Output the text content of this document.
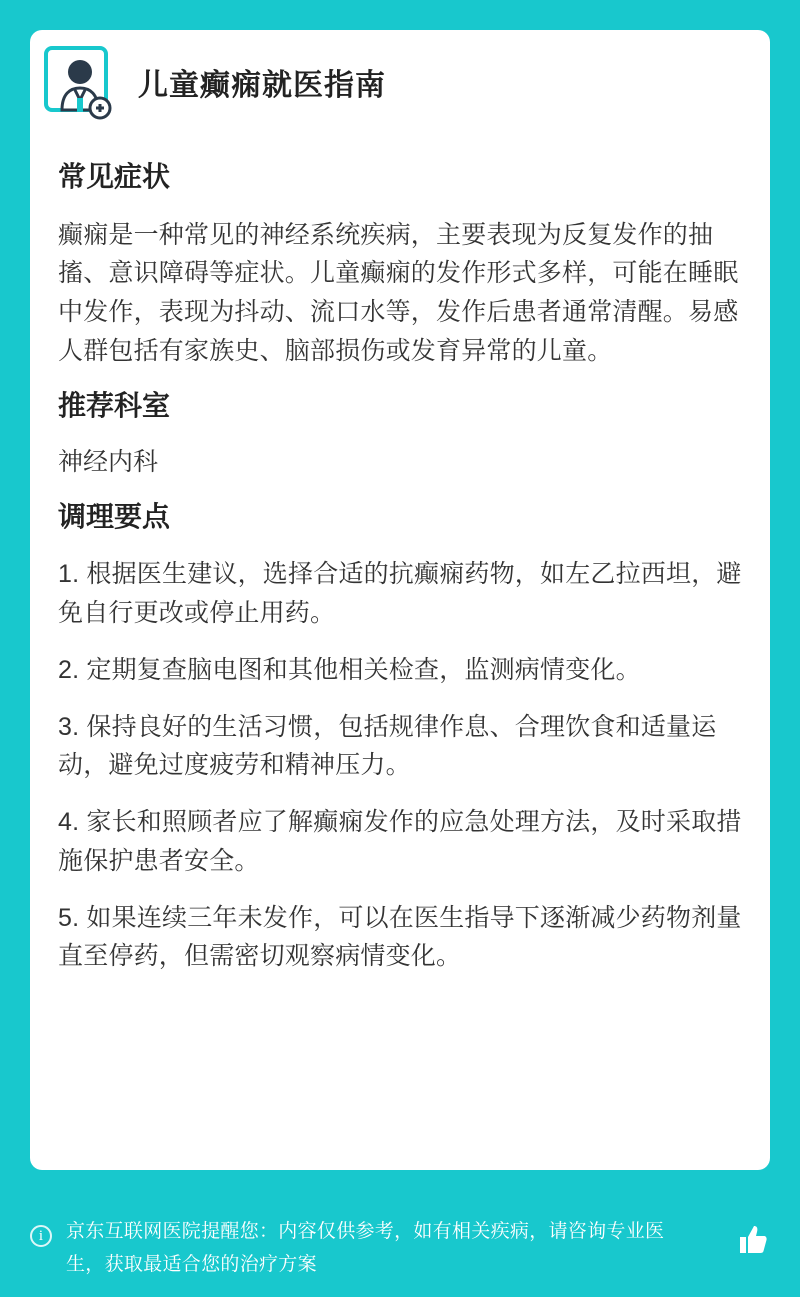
儿童癫痫就医指南
常见症状

癫痫是一种常见的神经系统疾病，主要表现为反复发作的抽搐、意识障碍等症状。儿童癫痫的发作形式多样，可能在睡眠中发作，表现为抖动、流口水等，发作后患者通常清醒。易感人群包括有家族史、脑部损伤或发育异常的儿童。

推荐科室

神经内科

调理要点
1. 根据医生建议，选择合适的抗癫痫药物，如左乙拉西坦，避免自行更改或停止用药。
2. 定期复查脑电图和其他相关检查，监测病情变化。
3. 保持良好的生活习惯，包括规律作息、合理饮食和适量运动，避免过度疲劳和精神压力。
4. 家长和照顾者应了解癫痫发作的应急处理方法，及时采取措施保护患者安全。
5. 如果连续三年未发作，可以在医生指导下逐渐减少药物剂量直至停药，但需密切观察病情变化。
i	京东互联网医院提醒您：内容仅供参考，如有相关疾病，请咨询专业医生，获取最适合您的治疗方案
